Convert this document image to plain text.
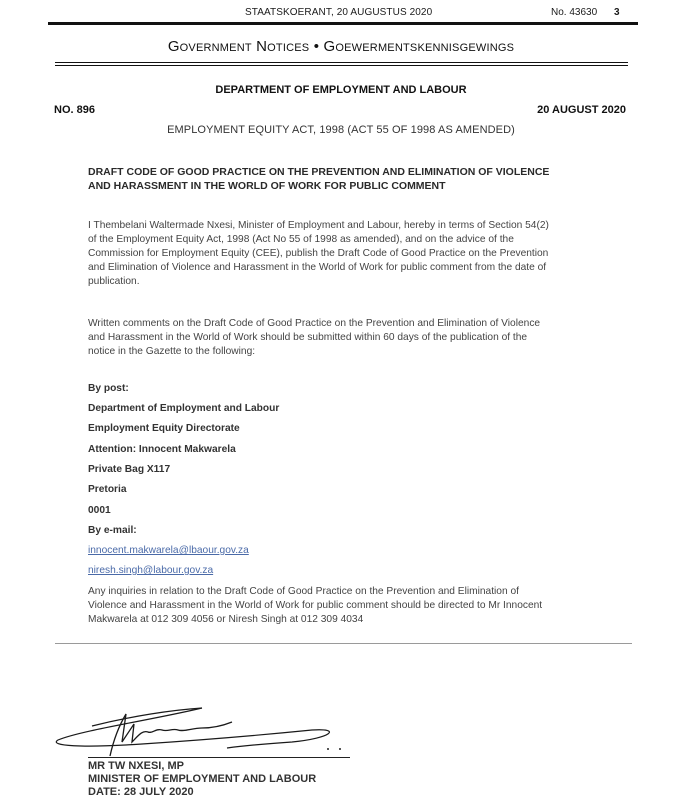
STAATSKOERANT, 20 AUGUSTUS 2020	No. 43630 3
Government Notices • Goewermentskennisgewings
DEPARTMENT OF EMPLOYMENT AND LABOUR
NO. 896	20 AUGUST 2020
EMPLOYMENT EQUITY ACT, 1998 (ACT 55 OF 1998 AS AMENDED)
DRAFT CODE OF GOOD PRACTICE ON THE PREVENTION AND ELIMINATION OF VIOLENCE
AND HARASSMENT IN THE WORLD OF WORK FOR PUBLIC COMMENT
I Thembelani Waltermade Nxesi, Minister of Employment and Labour, hereby in terms of Section 54(2)
of the Employment Equity Act, 1998 (Act No 55 of 1998 as amended), and on the advice of the
Commission for Employment Equity (CEE), publish the Draft Code of Good Practice on the Prevention
and Elimination of Violence and Harassment in the World of Work for public comment from the date of
publication.
Written comments on the Draft Code of Good Practice on the Prevention and Elimination of Violence
and Harassment in the World of Work should be submitted within 60 days of the publication of the
notice in the Gazette to the following:
By post:
Department of Employment and Labour
Employment Equity Directorate
Attention: Innocent Makwarela
Private Bag X117
Pretoria
0001
By e-mail:
innocent.makwarela@lbaour.gov.za
niresh.singh@labour.gov.za
Any inquiries in relation to the Draft Code of Good Practice on the Prevention and Elimination of
Violence and Harassment in the World of Work for public comment should be directed to Mr Innocent
Makwarela at 012 309 4056 or Niresh Singh at 012 309 4034
MR TW NXESI, MP
MINISTER OF EMPLOYMENT AND LABOUR
DATE: 28 JULY 2020
